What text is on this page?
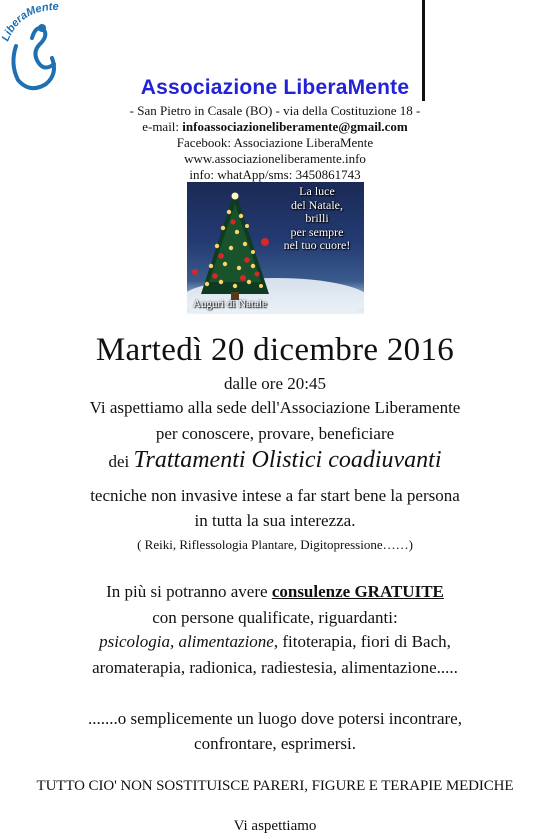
iberaMente
Associazione LiberaMente
- San Pietro in Casale (BO) - via della Costituzione 18 -
e-mail: infoassociazioneliberamente@gmail.com
Facebook: Associazione LiberaMente
www.associazioneliberamente.info
info: whatApp/sms: 3450861743
La luce
del Natale,
brilli
per sempre
nel tuo cuore!
Auguri di Natale
Martedì 20 dicembre 2016
dalle ore 20:45
Vi aspettiamo alla sede dell'Associazione Liberamente
per conoscere, provare, beneficiare
dei Trattamenti Olistici coadiuvanti
tecniche non invasive intese a far start bene la persona
in tutta la sua interezza.
( Reiki, Riflessologia Plantare, Digitopressione……)
In più si potranno avere consulenze GRATUITE
con persone qualificate, riguardanti:
psicologia, alimentazione, fitoterapia, fiori di Bach,
aromaterapia, radionica, radiestesia, alimentazione.....
.......o semplicemente un luogo dove potersi incontrare,
confrontare, esprimersi.
TUTTO CIO' NON SOSTITUISCE PARERI, FIGURE E TERAPIE MEDICHE
Vi aspettiamo
